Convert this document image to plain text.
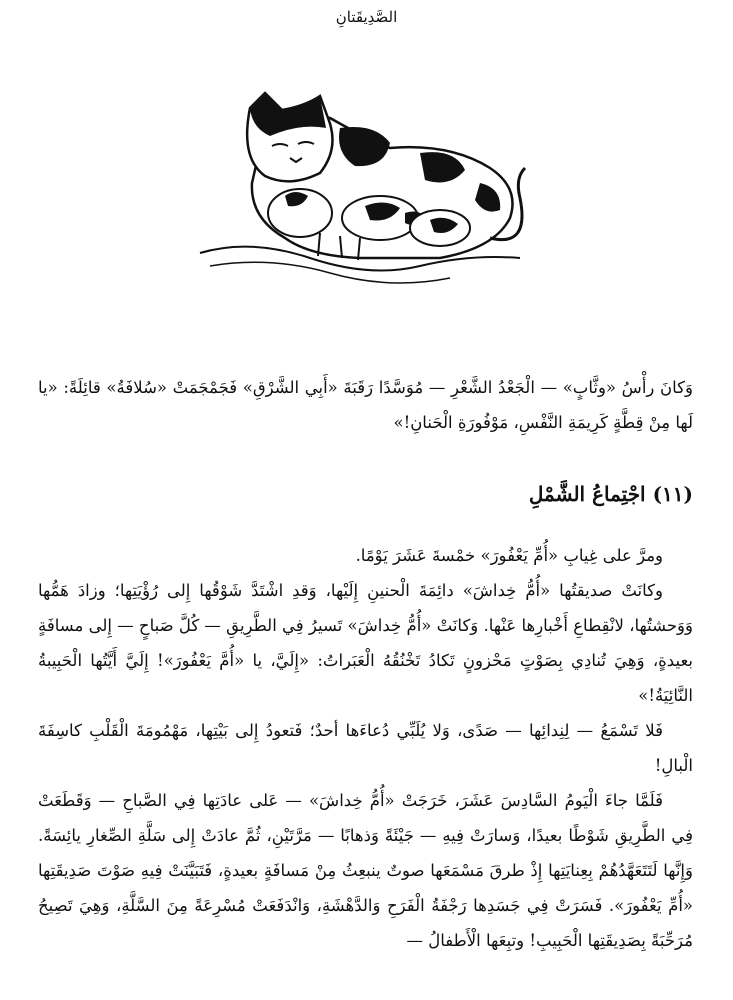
الصَّدِيقَتانِ

وَكانَ رأْسُ «وثَّابٍ» — الْجَعْدُ الشَّعْرِ — مُوَسَّدًا رَقَبَةَ «أَبِي الشَّرْقِ» فَجَمْجَمَتْ «سُلافَةُ» قائِلَةً: «يا لَها مِنْ قِطَّةٍ كَرِيمَةِ النَّفْسِ، مَوْفُورَةِ الْحَنانِ!»

(١١) اجْتِماعُ الشَّمْلِ

ومرَّ على غِيابِ «أُمِّ يَعْفُورَ» خمْسةَ عَشَرَ يَوْمًا.

وكانَتْ صديقتُها «أُمُّ خِداشَ» دائِمَةَ الْحنينِ إِلَيْها، وَقدِ اشْتَدَّ شَوْقُها إِلى رُؤْيَتِها؛ وزادَ هَمُّها وَوَحشتُها، لانْقِطاعِ أَخْبارِها عَنْها. وَكانَتْ «أُمُّ خِداشَ» تَسيرُ فِي الطَّرِيقِ — كُلَّ صَباحٍ — إِلى مسافَةٍ بعيدةٍ، وَهِيَ تُنادِي بِصَوْتٍ مَحْزونٍ تَكادُ تَخْنُقُهُ الْعَبَراتُ: «إِلَيَّ، يا «أُمَّ يَعْفُورَ»! إِلَيَّ أَيَّتُها الْحَبِيبةُ النَّائِيَةُ!»

فَلا تَسْمَعُ — لِنِدائِها — صَدًى، وَلا يُلَبِّي دُعاءَها أحدٌ؛ فَتعودُ إِلى بَيْتِها، مَهْمُومَةَ الْقَلْبِ كاسِفَةَ الْبالِ!

فَلَمَّا جاءَ الْيَومُ السَّادِسَ عَشَرَ، خَرَجَتْ «أُمُّ خِداشَ» — عَلى عادَتِها فِي الصَّباحِ — وَقَطَعَتْ فِي الطَّرِيقِ شَوْطًا بعيدًا، وَسارَتْ فِيهِ — جَيْئَةً وَذهابًا — مَرَّتَيْنِ، ثُمَّ عادَتْ إِلى سَلَّةِ الصِّغارِ يائِسَةً. وَإِنَّها لَتَتَعَهَّدُهُمْ بِعِنايَتِها إِذْ طرقَ مَسْمَعَها صوتٌ ينبعِثُ مِنْ مَسافَةٍ بعيدةٍ، فَتَبَيَّنَتْ فِيهِ صَوْتَ صَدِيقَتِها «أُمِّ يَعْفُورَ». فَسَرَتْ فِي جَسَدِها رَجْفَةُ الْفَرَحِ وَالدَّهْشَةِ، وَانْدَفَعَتْ مُسْرِعَةً مِنَ السَّلَّةِ، وَهِيَ تَصِيحُ مُرَحِّبَةً بِصَدِيقَتِها الْحَبِيبِ! وتبِعَها الْأَطفالُ —
